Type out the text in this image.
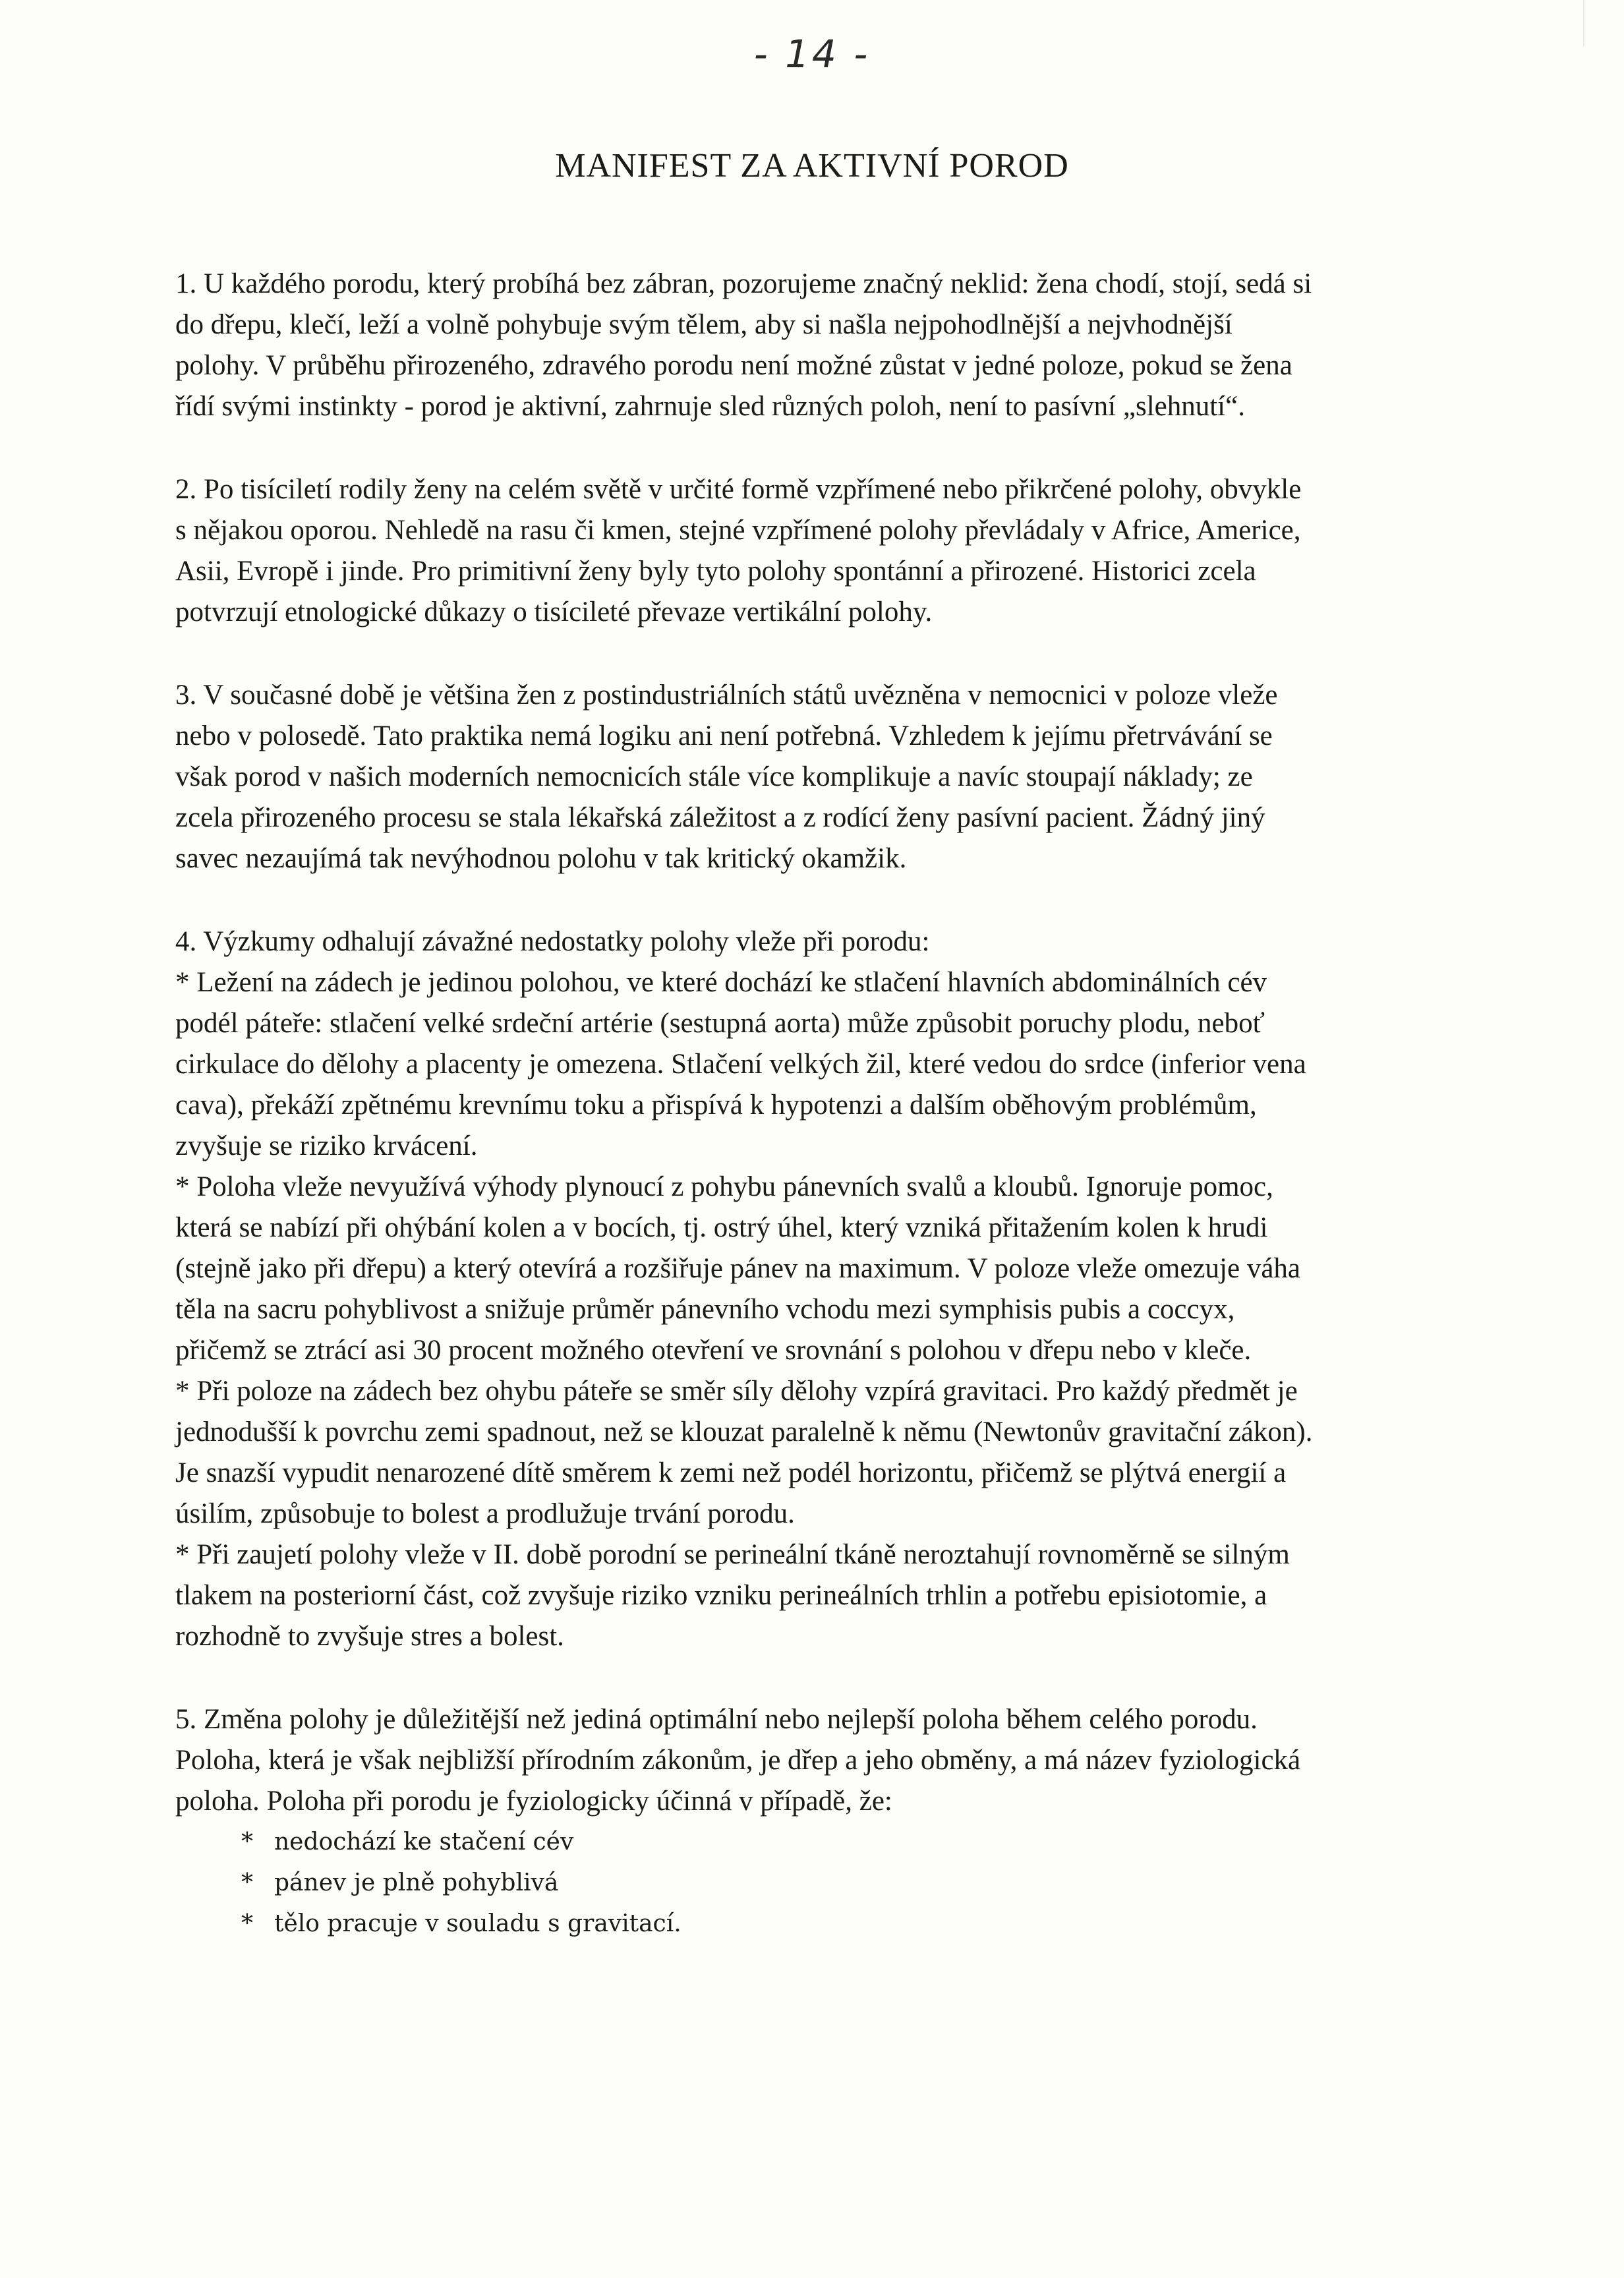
- 14 -
MANIFEST ZA AKTIVNÍ POROD

1. U každého porodu, který probíhá bez zábran, pozorujeme značný neklid: žena chodí, stojí, sedá si
do dřepu, klečí, leží a volně pohybuje svým tělem, aby si našla nejpohodlnější a nejvhodnější
polohy. V průběhu přirozeného, zdravého porodu není možné zůstat v jedné poloze, pokud se žena
řídí svými instinkty - porod je aktivní, zahrnuje sled různých poloh, není to pasívní „slehnutí“.

2. Po tisíciletí rodily ženy na celém světě v určité formě vzpřímené nebo přikrčené polohy, obvykle
s nějakou oporou. Nehledě na rasu či kmen, stejné vzpřímené polohy převládaly v Africe, Americe,
Asii, Evropě i jinde. Pro primitivní ženy byly tyto polohy spontánní a přirozené. Historici zcela
potvrzují etnologické důkazy o tisícileté převaze vertikální polohy.

3. V současné době je většina žen z postindustriálních států uvězněna v nemocnici v poloze vleže
nebo v polosedě. Tato praktika nemá logiku ani není potřebná. Vzhledem k jejímu přetrvávání se
však porod v našich moderních nemocnicích stále více komplikuje a navíc stoupají náklady; ze
zcela přirozeného procesu se stala lékařská záležitost a z rodící ženy pasívní pacient. Žádný jiný
savec nezaujímá tak nevýhodnou polohu v tak kritický okamžik.

4. Výzkumy odhalují závažné nedostatky polohy vleže při porodu:
* Ležení na zádech je jedinou polohou, ve které dochází ke stlačení hlavních abdominálních cév
podél páteře: stlačení velké srdeční artérie (sestupná aorta) může způsobit poruchy plodu, neboť
cirkulace do dělohy a placenty je omezena. Stlačení velkých žil, které vedou do srdce (inferior vena
cava), překáží zpětnému krevnímu toku a přispívá k hypotenzi a dalším oběhovým problémům,
zvyšuje se riziko krvácení.
* Poloha vleže nevyužívá výhody plynoucí z pohybu pánevních svalů a kloubů. Ignoruje pomoc,
která se nabízí při ohýbání kolen a v bocích, tj. ostrý úhel, který vzniká přitažením kolen k hrudi
(stejně jako při dřepu) a který otevírá a rozšiřuje pánev na maximum. V poloze vleže omezuje váha
těla na sacru pohyblivost a snižuje průměr pánevního vchodu mezi symphisis pubis a coccyx,
přičemž se ztrácí asi 30 procent možného otevření ve srovnání s polohou v dřepu nebo v kleče.
* Při poloze na zádech bez ohybu páteře se směr síly dělohy vzpírá gravitaci. Pro každý předmět je
jednodušší k povrchu zemi spadnout, než se klouzat paralelně k němu (Newtonův gravitační zákon).
Je snazší vypudit nenarozené dítě směrem k zemi než podél horizontu, přičemž se plýtvá energií a
úsilím, způsobuje to bolest a prodlužuje trvání porodu.
* Při zaujetí polohy vleže v II. době porodní se perineální tkáně neroztahují rovnoměrně se silným
tlakem na posteriorní část, což zvyšuje riziko vzniku perineálních trhlin a potřebu episiotomie, a
rozhodně to zvyšuje stres a bolest.

5. Změna polohy je důležitější než jediná optimální nebo nejlepší poloha během celého porodu.
Poloha, která je však nejbližší přírodním zákonům, je dřep a jeho obměny, a má název fyziologická
poloha. Poloha při porodu je fyziologicky účinná v případě, že:

* nedochází ke stačení cév
* pánev je plně pohyblivá
* tělo pracuje v souladu s gravitací.
